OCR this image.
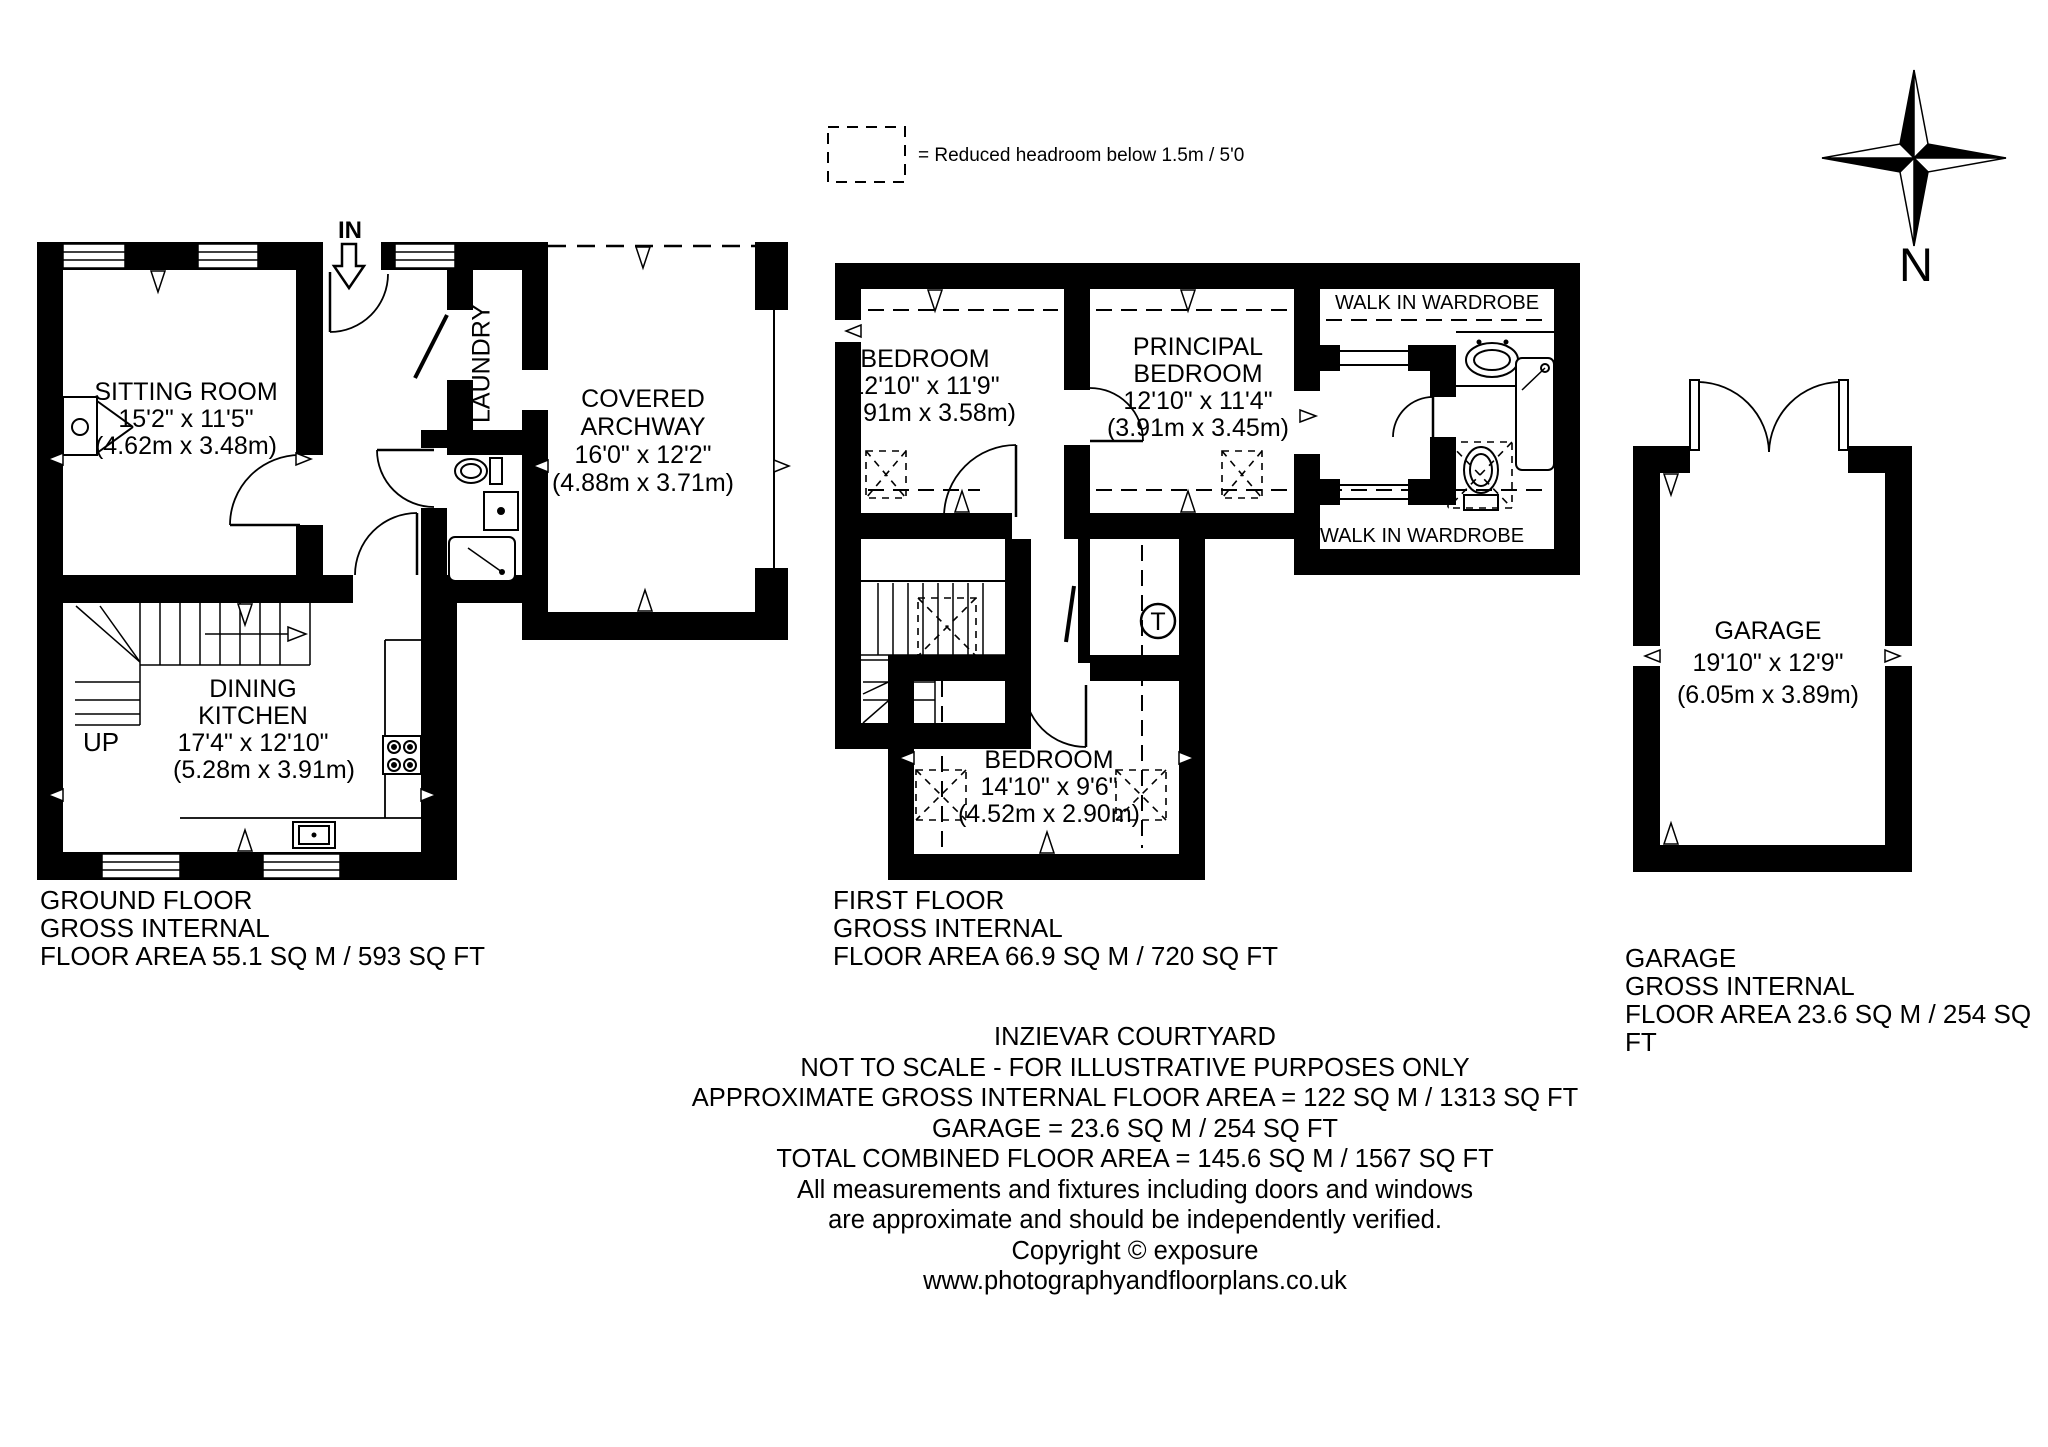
N
T
= Reduced headroom below 1.5m / 5'0
IN
SITTING ROOM
15'2" x 11'5"
(4.62m x 3.48m)
LAUNDRY	COVERED ARCHWAY
16'0" x 12'2"
(4.88m x 3.71m)
DINING KITCHEN
17'4" x 12'10"
(5.28m x 3.91m)
UP
BEDROOM
12'10" x 11'9"
(3.91m x 3.58m)
PRINCIPAL BEDROOM
12'10" x 11'4"
(3.91m x 3.45m)
WALK IN WARDROBE
WALK IN WARDROBE
BEDROOM
14'10" x 9'6"
(4.52m x 2.90m)
GARAGE
19'10" x 12'9"
(6.05m x 3.89m)
GROUND FLOOR
GROSS INTERNAL
FLOOR AREA 55.1 SQ M / 593 SQ FT
FIRST FLOOR
GROSS INTERNAL
FLOOR AREA 66.9 SQ M / 720 SQ FT	GARAGE
GROSS INTERNAL
FLOOR AREA 23.6 SQ M / 254 SQ FT
INZIEVAR COURTYARD
NOT TO SCALE - FOR ILLUSTRATIVE PURPOSES ONLY
APPROXIMATE GROSS INTERNAL FLOOR AREA = 122 SQ M / 1313 SQ FT
GARAGE = 23.6 SQ M / 254 SQ FT
TOTAL COMBINED FLOOR AREA = 145.6 SQ M / 1567 SQ FT
All measurements and fixtures including doors and windows
are approximate and should be independently verified.
Copyright © exposure
www.photographyandfloorplans.co.uk
